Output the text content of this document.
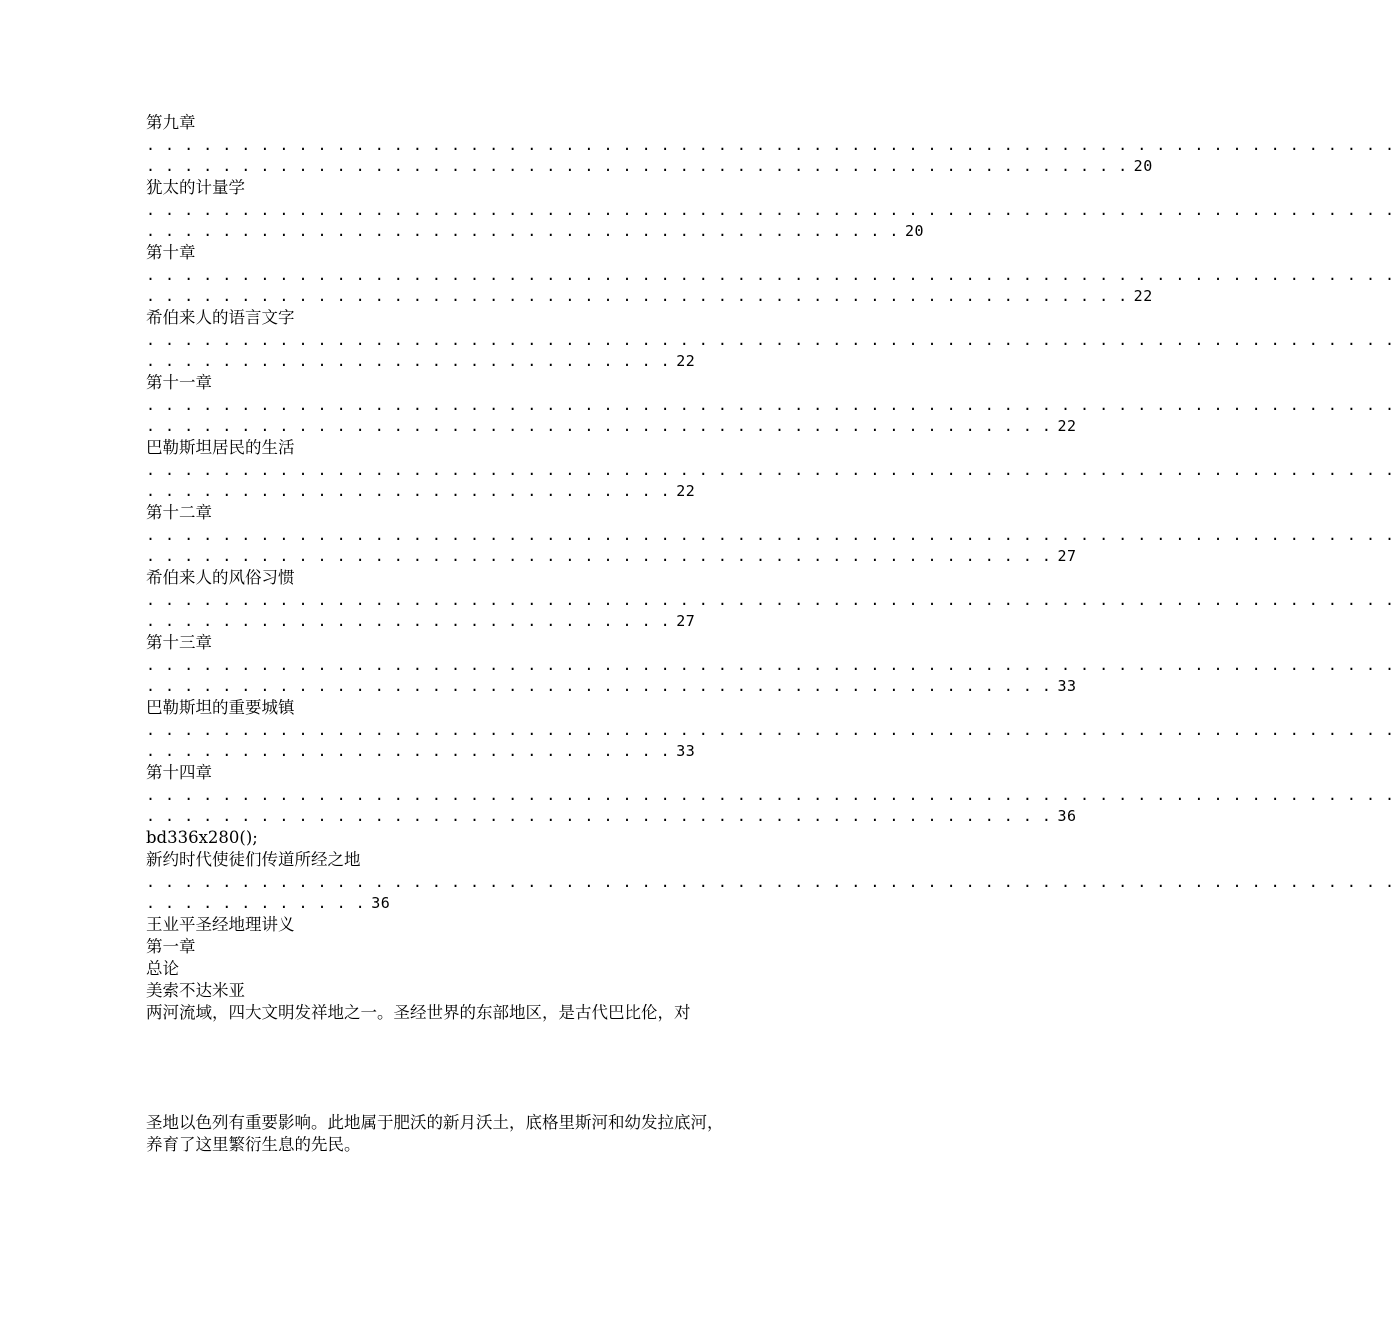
第九章
. . . . . . . . . . . . . . . . . . . . . . . . . . . . . . . . . . . . . . . . . . . . . . . . . . . . . . . . . . . . . . . . . .
. . . . . . . . . . . . . . . . . . . . . . . . . . . . . . . . . . . . . . . . . . . . . . . . . . . . 20
犹太的计量学
. . . . . . . . . . . . . . . . . . . . . . . . . . . . . . . . . . . . . . . . . . . . . . . . . . . . . . . . . . . . . . . . . .
. . . . . . . . . . . . . . . . . . . . . . . . . . . . . . . . . . . . . . . . 20
第十章
. . . . . . . . . . . . . . . . . . . . . . . . . . . . . . . . . . . . . . . . . . . . . . . . . . . . . . . . . . . . . . . . . .
. . . . . . . . . . . . . . . . . . . . . . . . . . . . . . . . . . . . . . . . . . . . . . . . . . . . 22
希伯来人的语言文字
. . . . . . . . . . . . . . . . . . . . . . . . . . . . . . . . . . . . . . . . . . . . . . . . . . . . . . . . . . . . . . . . . .
. . . . . . . . . . . . . . . . . . . . . . . . . . . . 22
第十一章
. . . . . . . . . . . . . . . . . . . . . . . . . . . . . . . . . . . . . . . . . . . . . . . . . . . . . . . . . . . . . . . . . .
. . . . . . . . . . . . . . . . . . . . . . . . . . . . . . . . . . . . . . . . . . . . . . . . 22
巴勒斯坦居民的生活
. . . . . . . . . . . . . . . . . . . . . . . . . . . . . . . . . . . . . . . . . . . . . . . . . . . . . . . . . . . . . . . . . .
. . . . . . . . . . . . . . . . . . . . . . . . . . . . 22
第十二章
. . . . . . . . . . . . . . . . . . . . . . . . . . . . . . . . . . . . . . . . . . . . . . . . . . . . . . . . . . . . . . . . . .
. . . . . . . . . . . . . . . . . . . . . . . . . . . . . . . . . . . . . . . . . . . . . . . . 27
希伯来人的风俗习惯
. . . . . . . . . . . . . . . . . . . . . . . . . . . . . . . . . . . . . . . . . . . . . . . . . . . . . . . . . . . . . . . . . .
. . . . . . . . . . . . . . . . . . . . . . . . . . . . 27
第十三章
. . . . . . . . . . . . . . . . . . . . . . . . . . . . . . . . . . . . . . . . . . . . . . . . . . . . . . . . . . . . . . . . . .
. . . . . . . . . . . . . . . . . . . . . . . . . . . . . . . . . . . . . . . . . . . . . . . . 33
巴勒斯坦的重要城镇
. . . . . . . . . . . . . . . . . . . . . . . . . . . . . . . . . . . . . . . . . . . . . . . . . . . . . . . . . . . . . . . . . .
. . . . . . . . . . . . . . . . . . . . . . . . . . . . 33
第十四章
. . . . . . . . . . . . . . . . . . . . . . . . . . . . . . . . . . . . . . . . . . . . . . . . . . . . . . . . . . . . . . . . . .
. . . . . . . . . . . . . . . . . . . . . . . . . . . . . . . . . . . . . . . . . . . . . . . . 36
bd336x280();
新约时代使徒们传道所经之地
. . . . . . . . . . . . . . . . . . . . . . . . . . . . . . . . . . . . . . . . . . . . . . . . . . . . . . . . . . . . . . . . . .
. . . . . . . . . . . . 36
王业平圣经地理讲义
第一章
总论
美索不达米亚
两河流域，四大文明发祥地之一。圣经世界的东部地区，是古代巴比伦，对
圣地以色列有重要影响。此地属于肥沃的新月沃土，底格里斯河和幼发拉底河，
养育了这里繁衍生息的先民。
